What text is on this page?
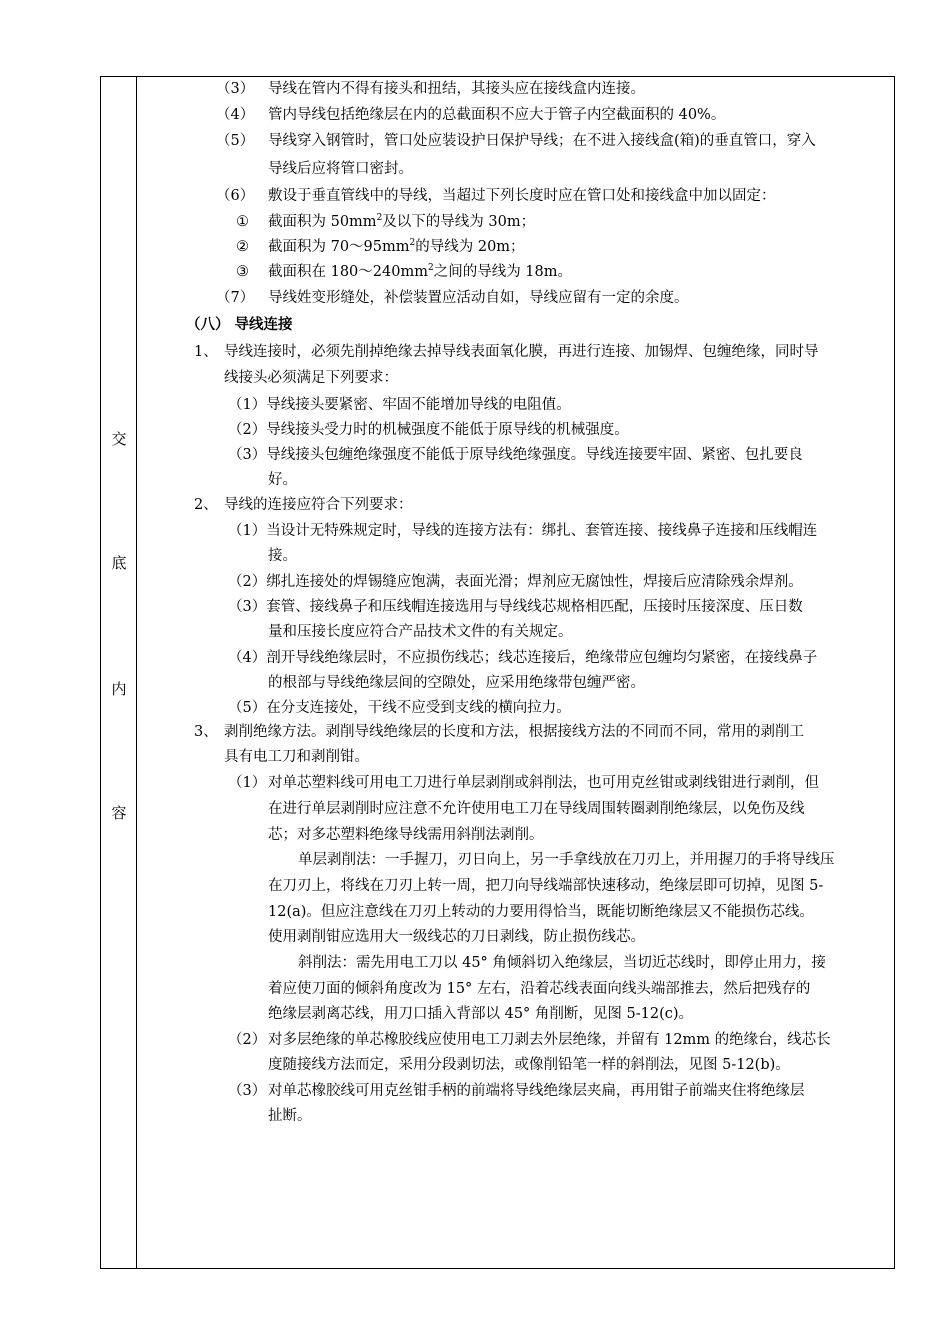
交
底
内
容
（3） 导线在管内不得有接头和扭结，其接头应在接线盒内连接。
（4） 管内导线包括绝缘层在内的总截面积不应大于管子内空截面积的 40%。
（5） 导线穿入钢管时，管口处应装设护日保护导线；在不进入接线盒(箱)的垂直管口，穿入
导线后应将管口密封。
（6） 敷设于垂直管线中的导线，当超过下列长度时应在管口处和接线盒中加以固定：
① 截面积为 $50mm^2$及以下的导线为 30m；
② 截面积为 $70\sim 95mm^2$的导线为 20m；
③ 截面积在 $180\sim 240mm^2$之间的导线为 18m。
（7） 导线姓变形缝处，补偿装置应活动自如，导线应留有一定的余度。
（八） 导线连接
1、 导线连接时，必须先削掉绝缘去掉导线表面氧化膜，再进行连接、加锡焊、包缠绝缘，同时导
线接头必须满足下列要求：
（1）导线接头要紧密、牢固不能增加导线的电阻值。
（2）导线接头受力时的机械强度不能低于原导线的机械强度。
（3）导线接头包缠绝缘强度不能低于原导线绝缘强度。导线连接要牢固、紧密、包扎要良
好。
2、 导线的连接应符合下列要求：
（1）当设计无特殊规定时，导线的连接方法有：绑扎、套管连接、接线鼻子连接和压线帽连
接。
（2）绑扎连接处的焊锡缝应饱满，表面光滑；焊剂应无腐蚀性，焊接后应清除残余焊剂。
（3）套管、接线鼻子和压线帽连接选用与导线线芯规格相匹配，压接时压接深度、压日数
量和压接长度应符合产品技术文件的有关规定。
（4）剖开导线绝缘层时，不应损伤线芯；线芯连接后，绝缘带应包缠均匀紧密，在接线鼻子
的根部与导线绝缘层间的空隙处，应采用绝缘带包缠严密。
（5）在分支连接处，干线不应受到支线的横向拉力。
3、 剥削绝缘方法。剥削导线绝缘层的长度和方法，根据接线方法的不同而不同，常用的剥削工
具有电工刀和剥削钳。
（1） 对单芯塑料线可用电工刀进行单层剥削或斜削法，也可用克丝钳或剥线钳进行剥削，但
在进行单层剥削时应注意不允许使用电工刀在导线周围转圈剥削绝缘层，以免伤及线
芯；对多芯塑料绝缘导线需用斜削法剥削。
单层剥削法：一手握刀，刃日向上，另一手拿线放在刀刃上，并用握刀的手将导线压
在刀刃上，将线在刀刃上转一周，把刀向导线端部快速移动，绝缘层即可切掉，见图 5-
12(a)。但应注意线在刀刃上转动的力要用得恰当，既能切断绝缘层又不能损伤芯线。
使用剥削钳应选用大一级线芯的刀日剥线，防止损伤线芯。
斜削法：需先用电工刀以 45° 角倾斜切入绝缘层，当切近芯线时，即停止用力，接
着应使刀面的倾斜角度改为 15° 左右，沿着芯线表面向线头端部推去，然后把残存的
绝缘层剥离芯线，用刀口插入背部以 45° 角削断，见图 5-12(c)。
（2） 对多层绝缘的单芯橡胶线应使用电工刀剥去外层绝缘，并留有 12mm 的绝缘台，线芯长
度随接线方法而定，采用分段剥切法，或像削铅笔一样的斜削法，见图 5-12(b)。
（3） 对单芯橡胶线可用克丝钳手柄的前端将导线绝缘层夹扁，再用钳子前端夹住将绝缘层
扯断。
